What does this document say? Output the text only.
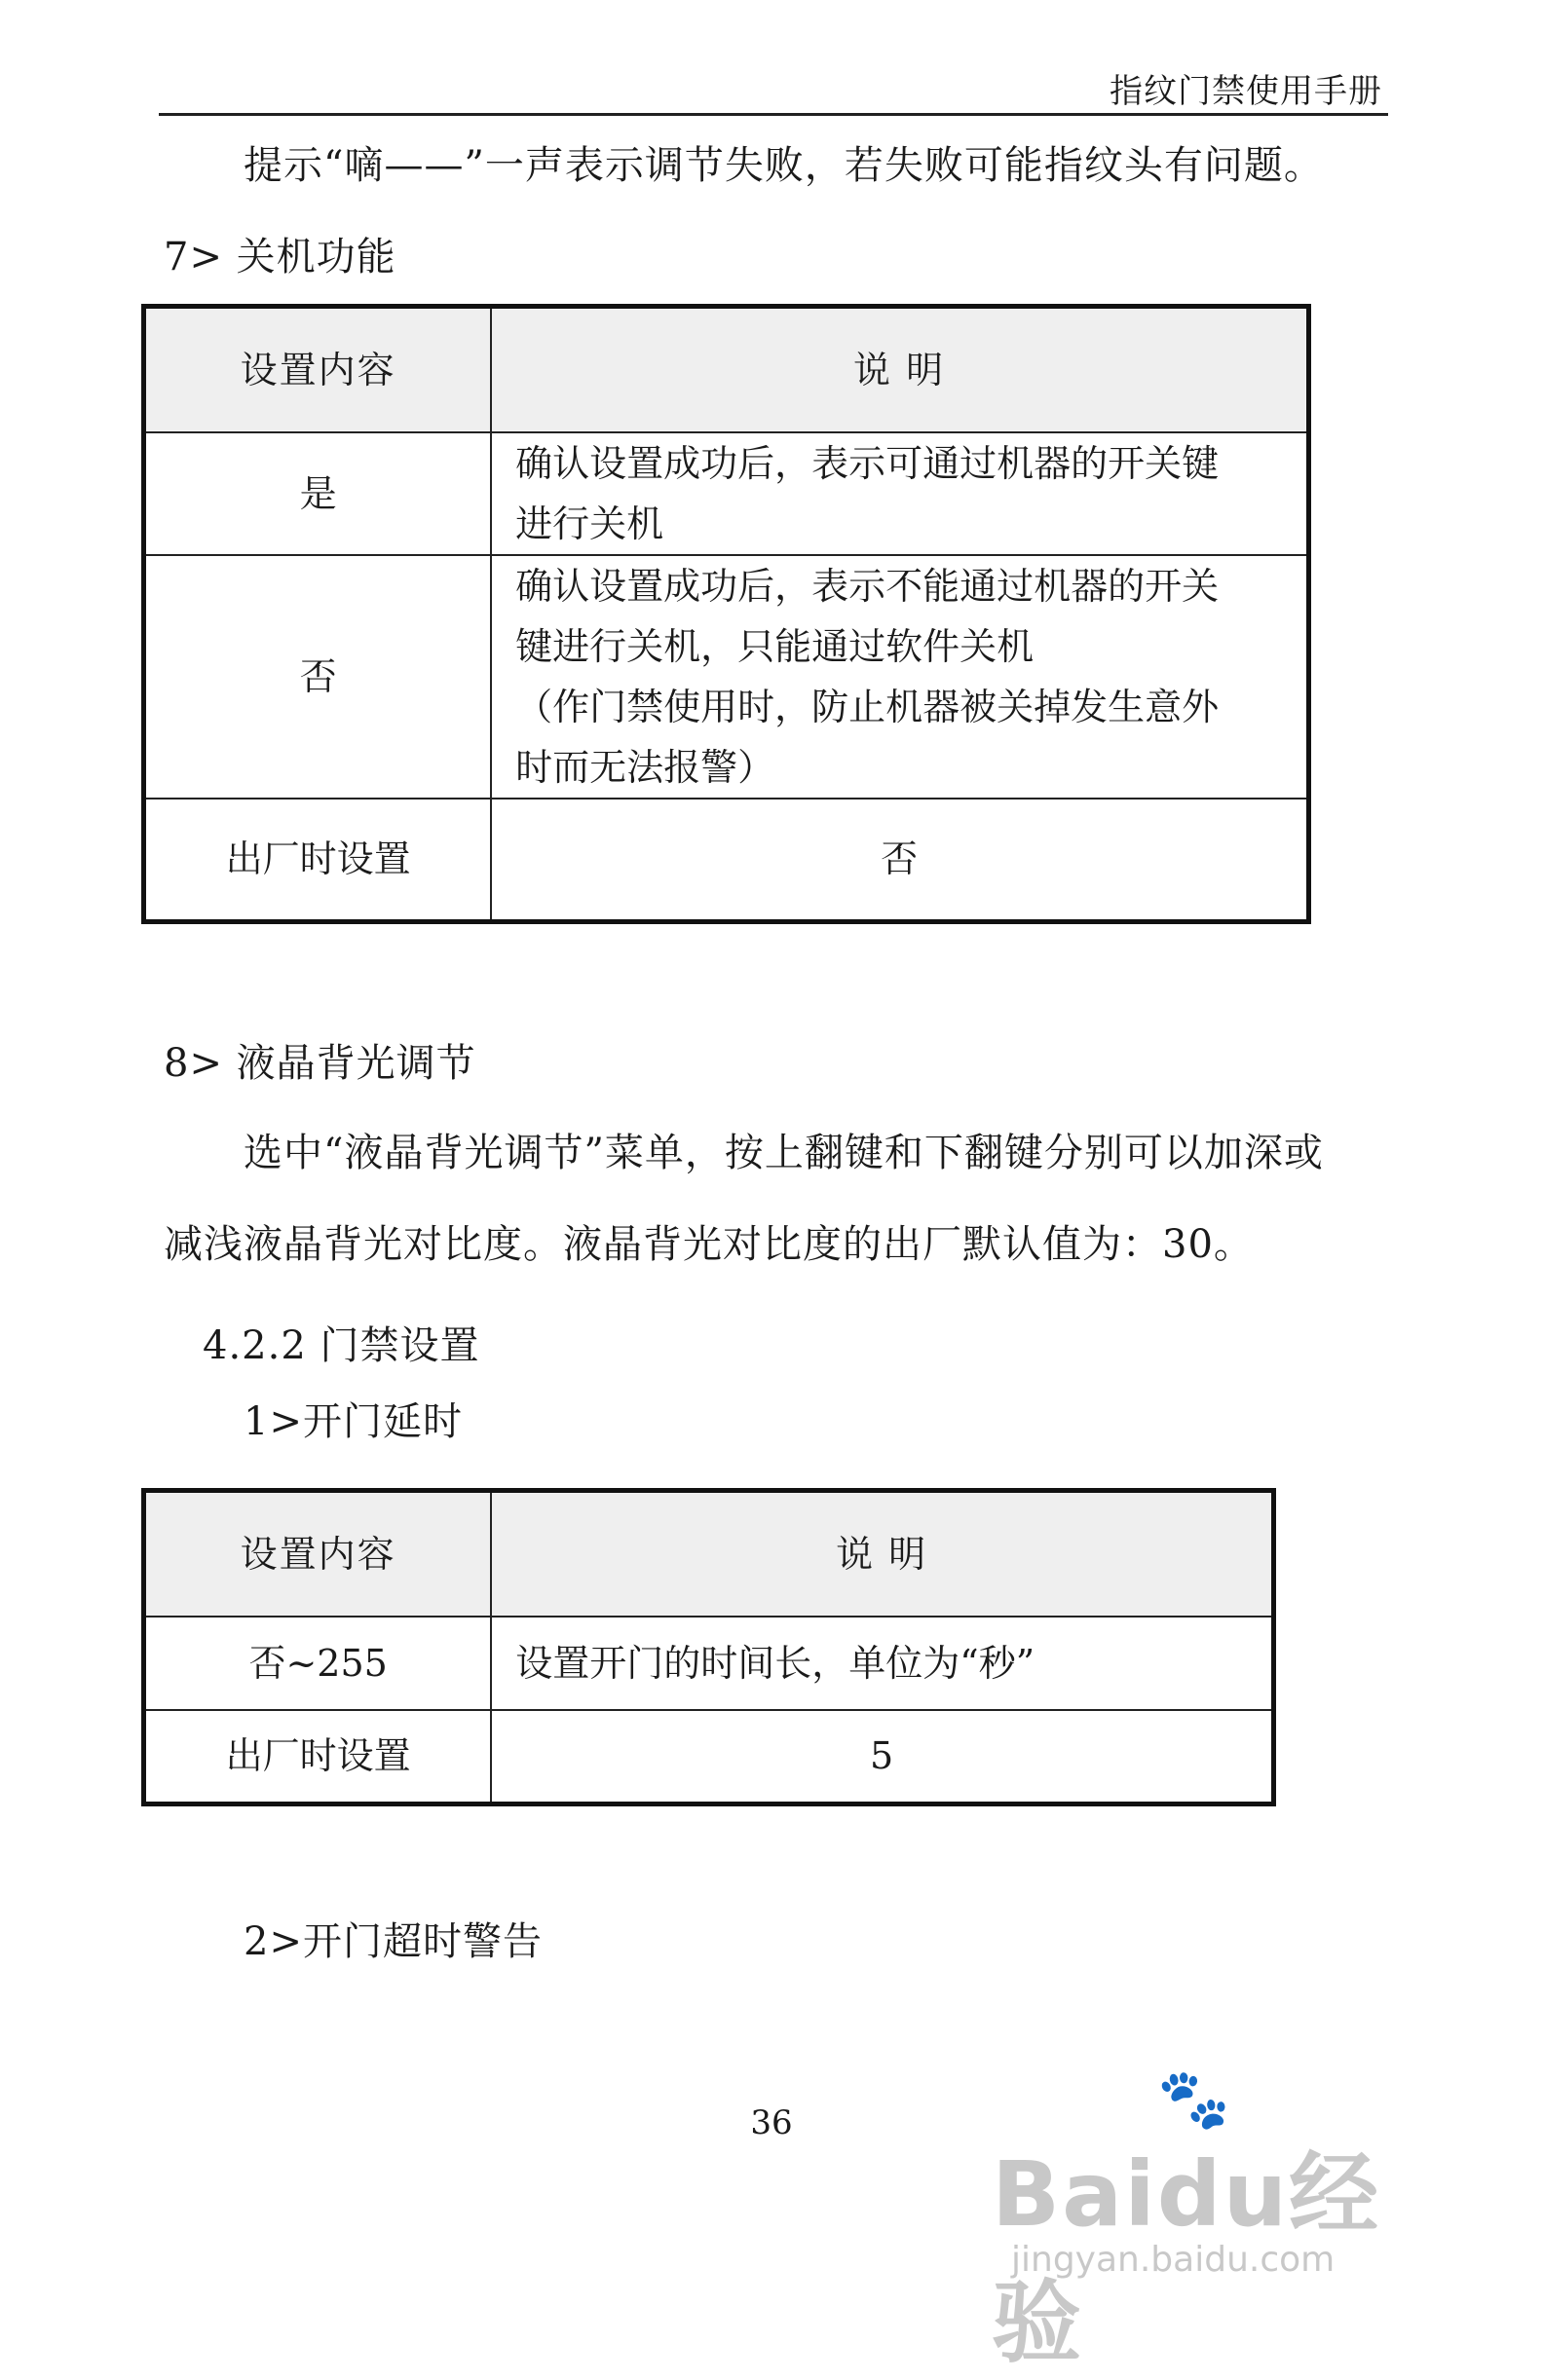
指纹门禁使用手册
提示“嘀——”一声表示调节失败，若失败可能指纹头有问题。
7> 关机功能
设置内容	说 明
是	确认设置成功后，表示可通过机器的开关键
进行关机

否	确认设置成功后，表示不能通过机器的开关
键进行关机，只能通过软件关机
（作门禁使用时，防止机器被关掉发生意外
时而无法报警）

出厂时设置	否
8> 液晶背光调节
选中“液晶背光调节”菜单，按上翻键和下翻键分别可以加深或
减浅液晶背光对比度。液晶背光对比度的出厂默认值为：30。
4.2.2 门禁设置
1>开门延时
设置内容	说 明
否~255	设置开门的时间长，单位为“秒”
出厂时设置	5
2>开门超时警告
36	🐾
Baidu经验
jingyan.baidu.com
